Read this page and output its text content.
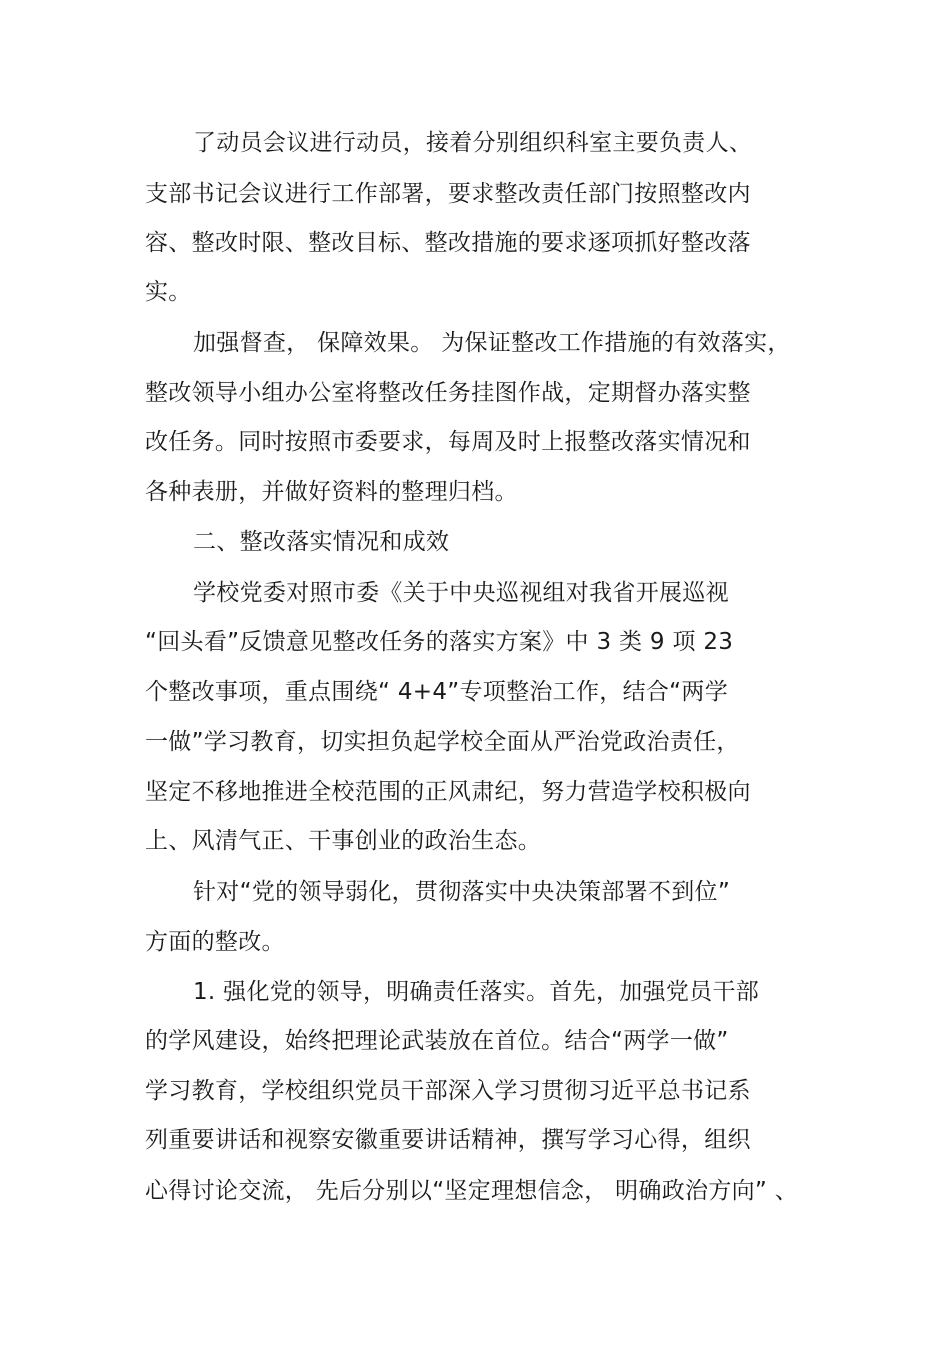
了动员会议进行动员，接着分别组织科室主要负责人、
支部书记会议进行工作部署，要求整改责任部门按照整改内
容、整改时限、整改目标、整改措施的要求逐项抓好整改落
实。
加强督查， 保障效果。 为保证整改工作措施的有效落实，
整改领导小组办公室将整改任务挂图作战，定期督办落实整
改任务。同时按照市委要求，每周及时上报整改落实情况和
各种表册，并做好资料的整理归档。
二、整改落实情况和成效
学校党委对照市委《关于中央巡视组对我省开展巡视
“回头看”反馈意见整改任务的落实方案》中 3 类 9 项 23
个整改事项，重点围绕“ 4+4”专项整治工作，结合“两学
一做”学习教育，切实担负起学校全面从严治党政治责任，
坚定不移地推进全校范围的正风肃纪，努力营造学校积极向
上、风清气正、干事创业的政治生态。
针对“党的领导弱化，贯彻落实中央决策部署不到位”
方面的整改。
1. 强化党的领导，明确责任落实。首先，加强党员干部
的学风建设，始终把理论武装放在首位。结合“两学一做”
学习教育，学校组织党员干部深入学习贯彻习近平总书记系
列重要讲话和视察安徽重要讲话精神，撰写学习心得，组织
心得讨论交流， 先后分别以“坚定理想信念， 明确政治方向” 、
